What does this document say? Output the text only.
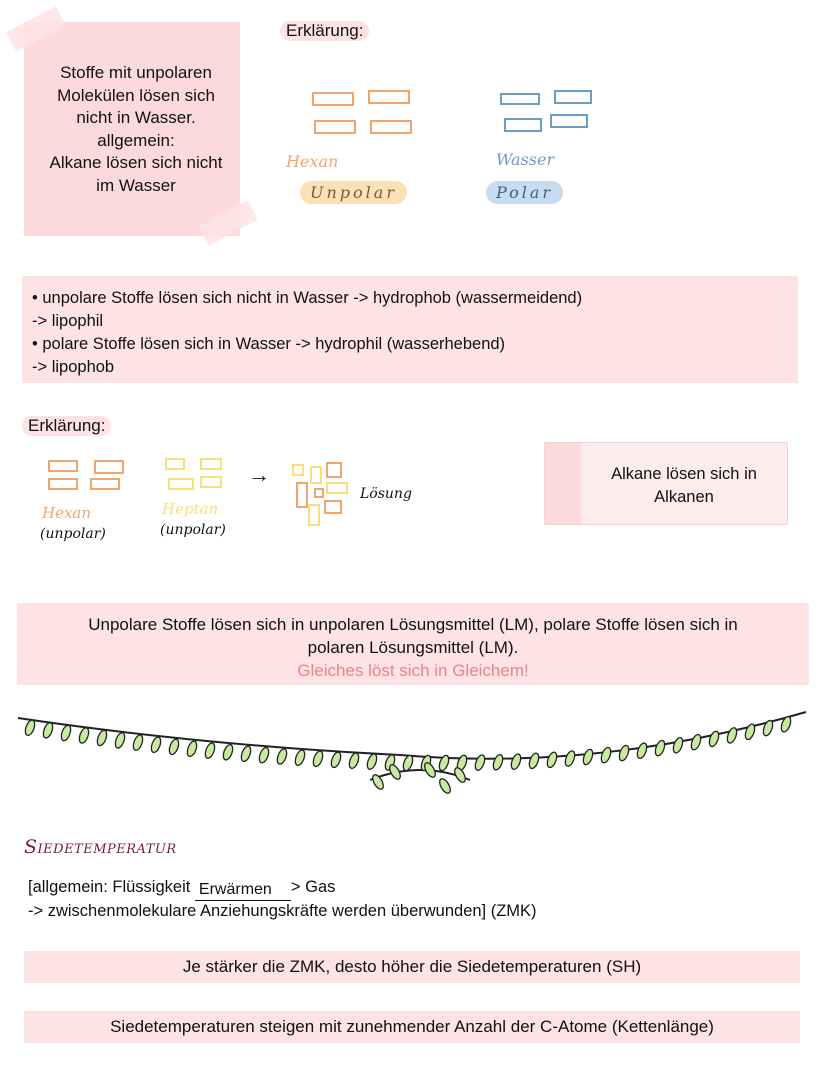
Stoffe mit unpolaren
Molekülen lösen sich
nicht in Wasser.
allgemein:
Alkane lösen sich nicht
im Wasser
Erklärung:
Hexan
Unpolar
Wasser
Polar
• unpolare Stoffe lösen sich nicht in Wasser -> hydrophob (wassermeidend)
-> lipophil
• polare Stoffe lösen sich in Wasser -> hydrophil (wasserhebend)
-> lipophob
Erklärung:
Hexan
(unpolar)
Heptan
(unpolar)
→
Lösung
Alkane lösen sich in
Alkanen
Unpolare Stoffe lösen sich in unpolaren Lösungsmittel (LM), polare Stoffe lösen sich in
polaren Lösungsmittel (LM).
Gleiches löst sich in Gleichem!
Siedetemperatur
[allgemein: Flüssigkeit Erwärmen > Gas
-> zwischenmolekulare Anziehungskräfte werden überwunden] (ZMK)
Je stärker die ZMK, desto höher die Siedetemperaturen (SH)
Siedetemperaturen steigen mit zunehmender Anzahl der C-Atome (Kettenlänge)
